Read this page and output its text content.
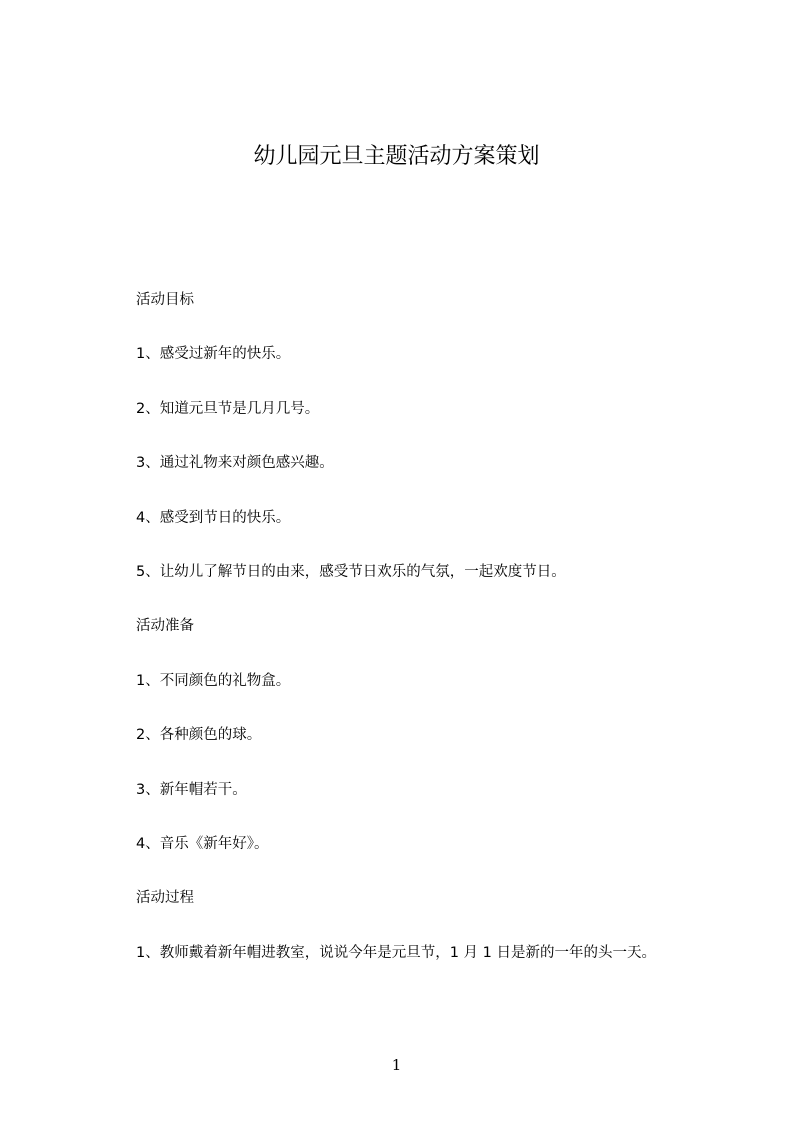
幼儿园元旦主题活动方案策划
活动目标
1、感受过新年的快乐。
2、知道元旦节是几月几号。
3、通过礼物来对颜色感兴趣。
4、感受到节日的快乐。
5、让幼儿了解节日的由来，感受节日欢乐的气氛，一起欢度节日。
活动准备
1、不同颜色的礼物盒。
2、各种颜色的球。
3、新年帽若干。
4、音乐《新年好》。
活动过程
1、教师戴着新年帽进教室，说说今年是元旦节，1 月 1 日是新的一年的头一天。
1
